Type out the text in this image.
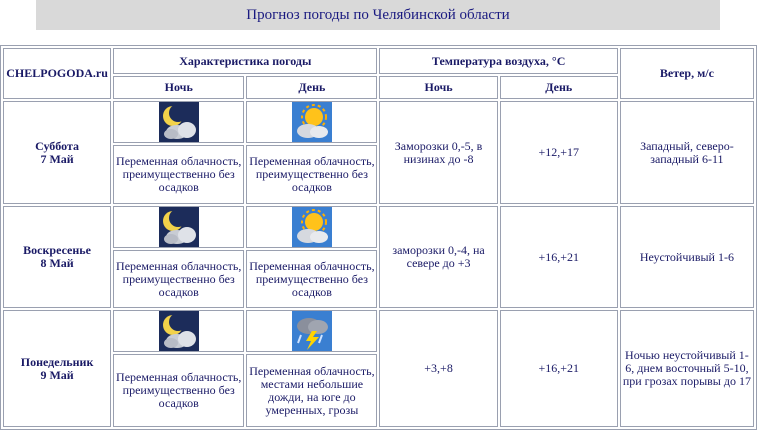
Прогноз погоды по Челябинской области
CHELPOGODA.ru	Характеристика погоды		Температура воздуха, °С		Ветер, м/с
	Ночь	День	Ночь	День	

Суббота
7 Май			Заморозки 0,-5, в низинах до -8	+12,+17	Западный, северо-западный 6-11
	Переменная облачность, преимущественно без осадков	Переменная облачность, преимущественно без осадков			

Воскресенье
8 Май			заморозки 0,-4, на севере до +3	+16,+21	Неустойчивый 1-6
	Переменная облачность, преимущественно без осадков	Переменная облачность, преимущественно без осадков			

Понедельник
9 Май			+3,+8	+16,+21	Ночью неустойчивый 1-6, днем восточный 5-10, при грозах порывы до 17
	Переменная облачность, преимущественно без осадков	Переменная облачность, местами небольшие дожди, на юге до умеренных, грозы			
